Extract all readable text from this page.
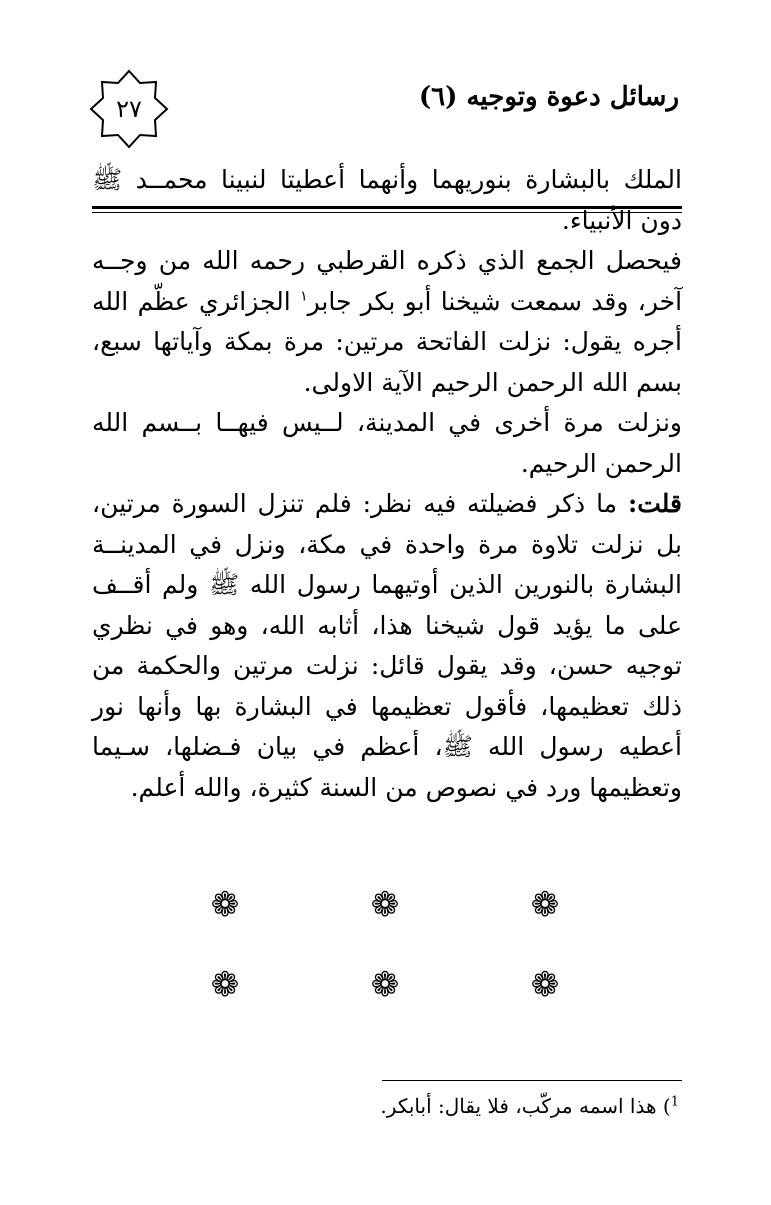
٢٧	رسائل دعوة وتوجيه (٦)

الملك بالبشارة بنوريهما وأنهما أعطيتا لنبينا محمــد ﷺ دون الأنبياء.

فيحصل الجمع الذي ذكره القرطبي رحمه الله من وجــه آخر، وقد سمعت شيخنا أبو بكر جابر$^١$ الجزائري عظّم الله أجره يقول: نزلت الفاتحة مرتين: مرة بمكة وآياتها سبع، بسم الله الرحمن الرحيم الآية الاولى.

ونزلت مرة أخرى في المدينة، لــيس فيهــا بــسم الله الرحمن الرحيم.

قلت: ما ذكر فضيلته فيه نظر: فلم تنزل السورة مرتين، بل نزلت تلاوة مرة واحدة في مكة، ونزل في المدينــة البشارة بالنورين الذين أوتيهما رسول الله ﷺ ولم أقــف على ما يؤيد قول شيخنا هذا، أثابه الله، وهو في نظري توجيه حسن، وقد يقول قائل: نزلت مرتين والحكمة من ذلك تعظيمها، فأقول تعظيمها في البشارة بها وأنها نور أعطيه رسول الله ﷺ، أعظم في بيان فـضلها، سـيما وتعظيمها ورد في نصوص من السنة كثيرة، والله أعلم.

❁	❁	❁
❁	❁	❁
$^1$) هذا اسمه مركّب، فلا يقال: أبابكر.
